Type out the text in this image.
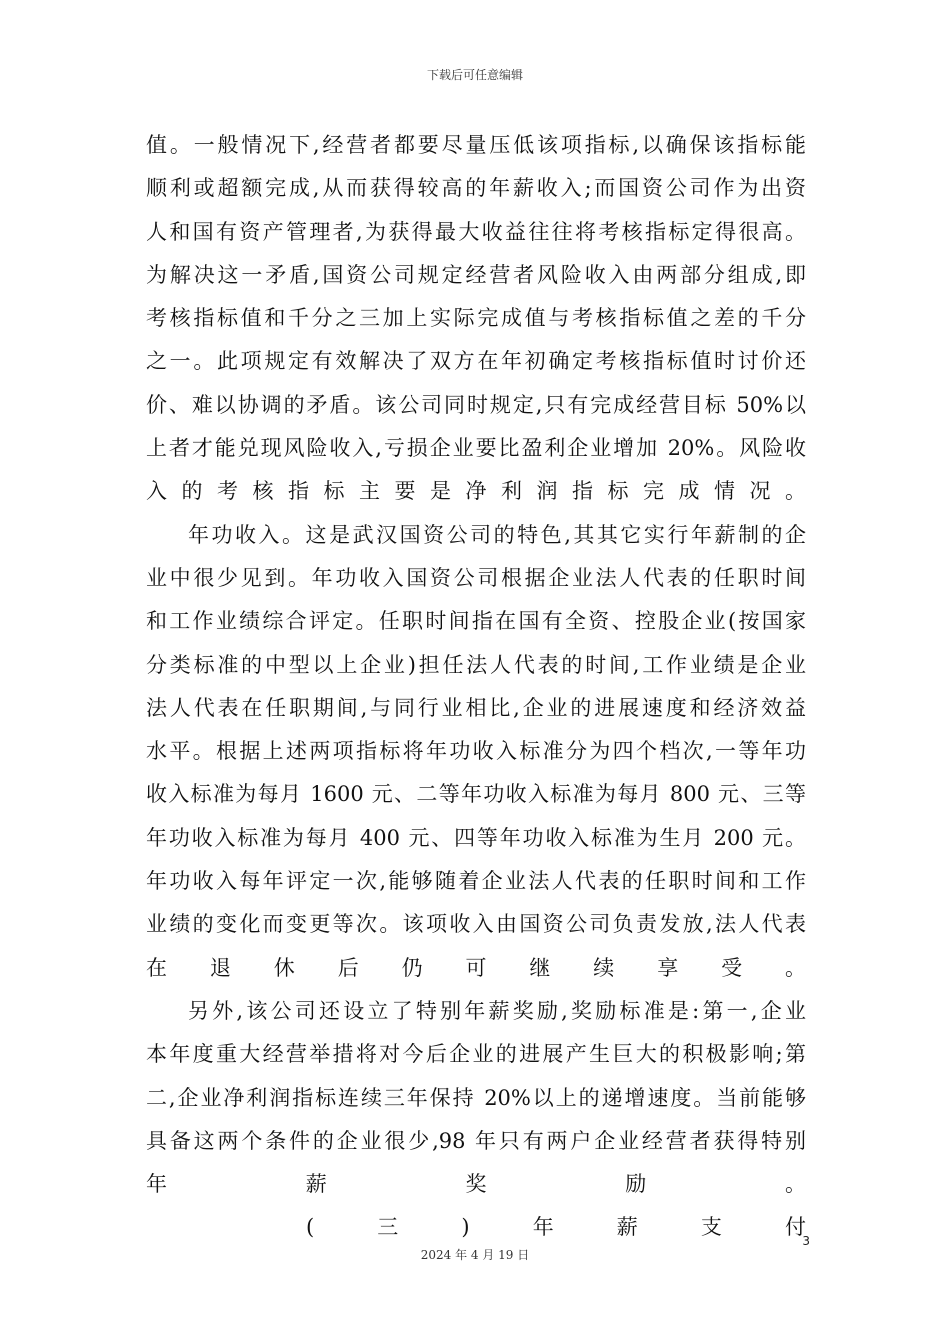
下载后可任意编辑
值。一般情况下,经营者都要尽量压低该项指标,以确保该指标能
顺利或超额完成,从而获得较高的年薪收入;而国资公司作为出资
人和国有资产管理者,为获得最大收益往往将考核指标定得很高。
为解决这一矛盾,国资公司规定经营者风险收入由两部分组成,即
考核指标值和千分之三加上实际完成值与考核指标值之差的千分
之一。此项规定有效解决了双方在年初确定考核指标值时讨价还
价、难以协调的矛盾。该公司同时规定,只有完成经营目标 50%以
上者才能兑现风险收入,亏损企业要比盈利企业增加 20%。风险收
入的考核指标主要是净利润指标完成情况。
年功收入。这是武汉国资公司的特色,其其它实行年薪制的企
业中很少见到。年功收入国资公司根据企业法人代表的任职时间
和工作业绩综合评定。任职时间指在国有全资、控股企业(按国家
分类标准的中型以上企业)担任法人代表的时间,工作业绩是企业
法人代表在任职期间,与同行业相比,企业的进展速度和经济效益
水平。根据上述两项指标将年功收入标准分为四个档次,一等年功
收入标准为每月 1600 元、二等年功收入标准为每月 800 元、三等
年功收入标准为每月 400 元、四等年功收入标准为生月 200 元。
年功收入每年评定一次,能够随着企业法人代表的任职时间和工作
业绩的变化而变更等次。该项收入由国资公司负责发放,法人代表
在退休后仍可继续享受。
另外,该公司还设立了特别年薪奖励,奖励标准是:第一,企业
本年度重大经营举措将对今后企业的进展产生巨大的积极影响;第
二,企业净利润指标连续三年保持 20%以上的递增速度。当前能够
具备这两个条件的企业很少,98 年只有两户企业经营者获得特别
年薪奖励。
(三)年薪支付
3
2024 年 4 月 19 日
